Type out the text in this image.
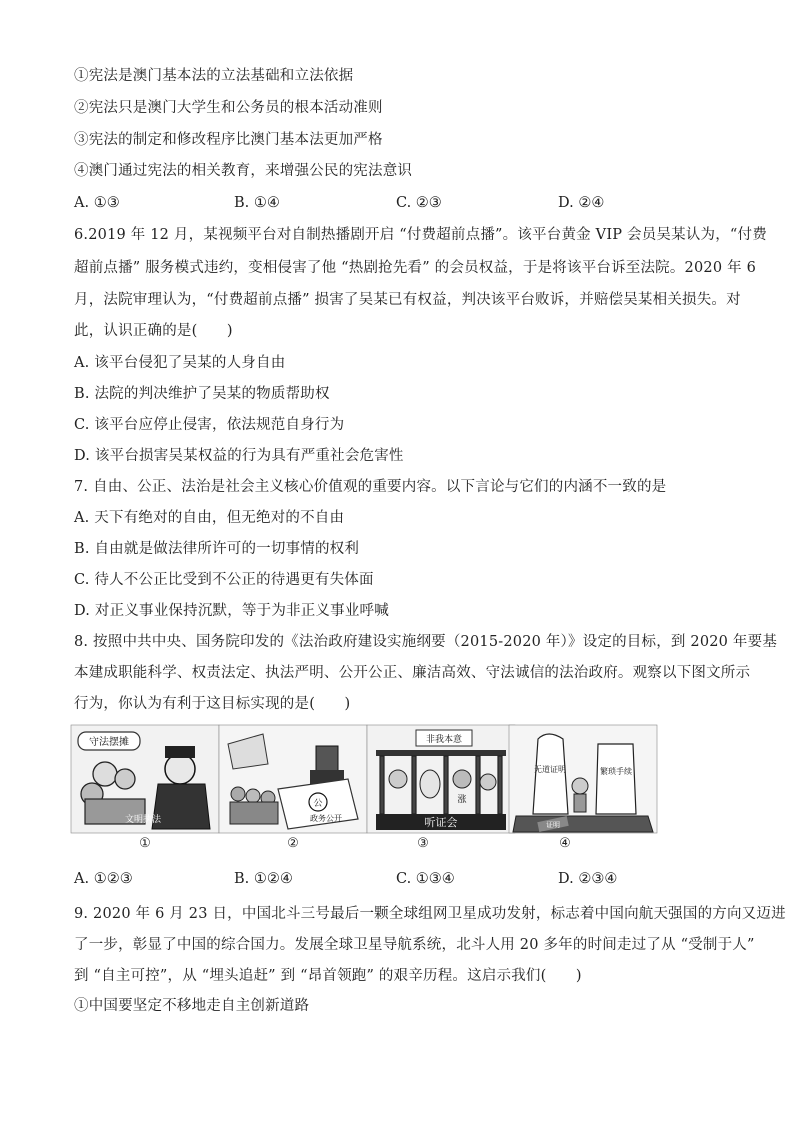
①宪法是澳门基本法的立法基础和立法依据
②宪法只是澳门大学生和公务员的根本活动准则
③宪法的制定和修改程序比澳门基本法更加严格
④澳门通过宪法的相关教育，来增强公民的宪法意识
A. ①③	B. ①④	C. ②③	D. ②④
6.2019 年 12 月，某视频平台对自制热播剧开启 “付费超前点播”。该平台黄金 VIP 会员吴某认为，“付费
超前点播” 服务模式违约，变相侵害了他 “热剧抢先看” 的会员权益，于是将该平台诉至法院。2020 年 6
月，法院审理认为，“付费超前点播” 损害了吴某已有权益，判决该平台败诉，并赔偿吴某相关损失。对
此，认识正确的是(　　)
A. 该平台侵犯了吴某的人身自由
B. 法院的判决维护了吴某的物质帮助权
C. 该平台应停止侵害，依法规范自身行为
D. 该平台损害吴某权益的行为具有严重社会危害性
7. 自由、公正、法治是社会主义核心价值观的重要内容。以下言论与它们的内涵不一致的是
A. 天下有绝对的自由，但无绝对的不自由
B. 自由就是做法律所许可的一切事情的权利
C. 待人不公正比受到不公正的待遇更有失体面
D. 对正义事业保持沉默，等于为非正义事业呼喊
8. 按照中共中央、国务院印发的《法治政府建设实施纲要（2015-2020 年）》设定的目标，到 2020 年要基
本建成职能科学、权责法定、执法严明、公开公正、廉洁高效、守法诚信的法治政府。观察以下图文所示
行为，你认为有利于这目标实现的是(　　)
守法摆摊
文明执法
①
公
政务公开
②
非我本意
涨
听证会
③
无道证明	繁琐手续
证明
④
A. ①②③	B. ①②④	C. ①③④	D. ②③④
9. 2020 年 6 月 23 日，中国北斗三号最后一颗全球组网卫星成功发射，标志着中国向航天强国的方向又迈进
了一步，彰显了中国的综合国力。发展全球卫星导航系统，北斗人用 20 多年的时间走过了从 “受制于人”
到 “自主可控”，从 “埋头追赶” 到 “昂首领跑” 的艰辛历程。这启示我们(　　)
①中国要坚定不移地走自主创新道路
